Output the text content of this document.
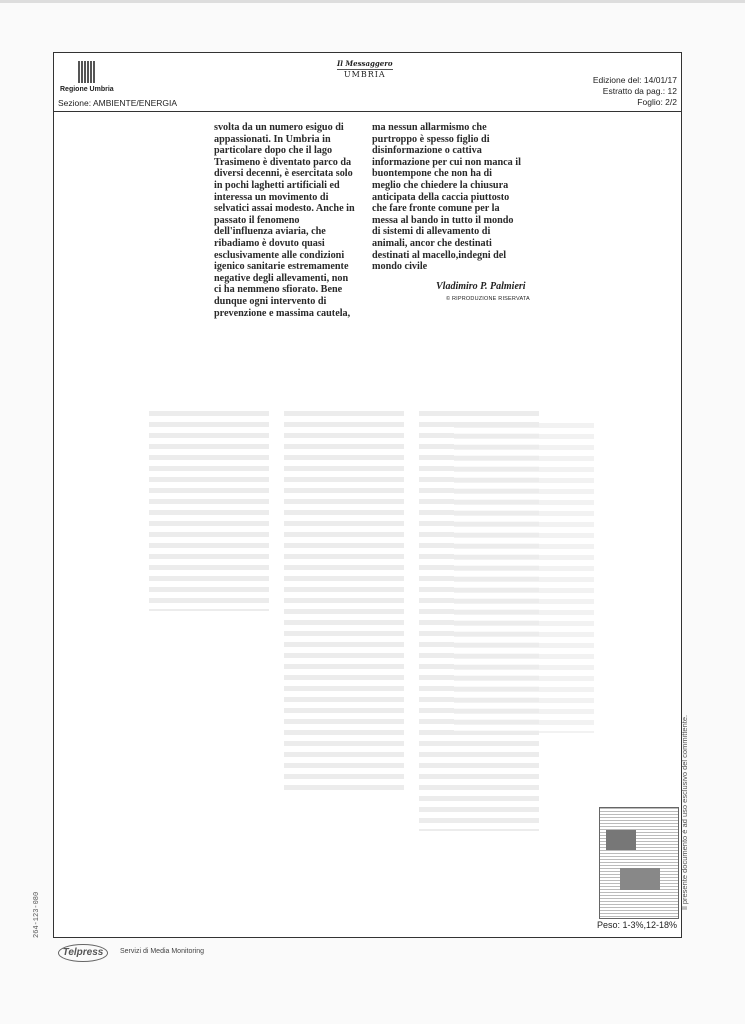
Regione Umbria
Sezione: AMBIENTE/ENERGIA
Il Messaggero
UMBRIA
Edizione del: 14/01/17
Estratto da pag.: 12
Foglio: 2/2
svolta da un numero esiguo di appassionati. In Umbria in particolare dopo che il lago Trasimeno è diventato parco da diversi decenni, è esercitata solo in pochi laghetti artificiali ed interessa un movimento di selvatici assai modesto. Anche in passato il fenomeno dell'influenza aviaria, che ribadiamo è dovuto quasi esclusivamente alle condizioni igenico sanitarie estremamente negative degli allevamenti, non ci ha nemmeno sfiorato. Bene dunque ogni intervento di prevenzione e massima cautela,
ma nessun allarmismo che purtroppo è spesso figlio di disinformazione o cattiva informazione per cui non manca il buontempone che non ha di meglio che chiedere la chiusura anticipata della caccia piuttosto che fare fronte comune per la messa al bando in tutto il mondo di sistemi di allevamento di animali, ancor che destinati destinati al macello,indegni del mondo civile
Vladimiro P. Palmieri
© RIPRODUZIONE RISERVATA
Peso: 1-3%,12-18%
Il presente documento è ad uso esclusivo del committente.
264-123-080
Telpress	Servizi di Media Monitoring
